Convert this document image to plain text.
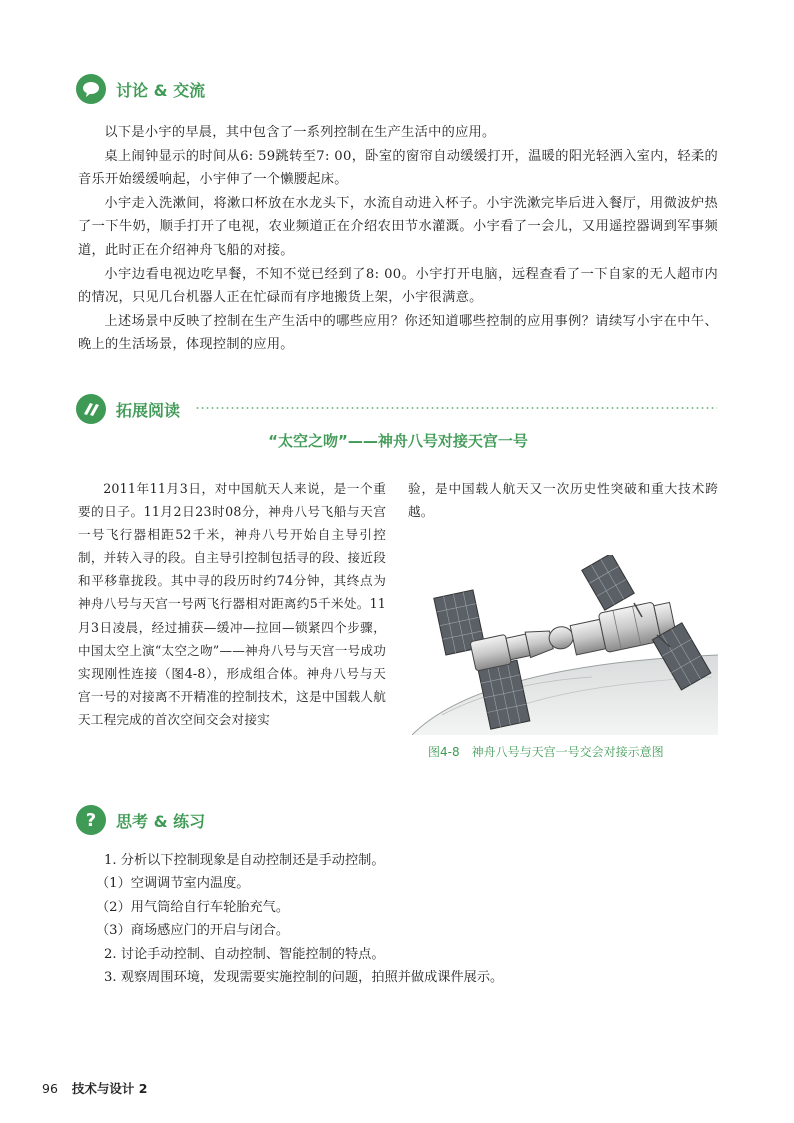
讨论 & 交流

以下是小宇的早晨，其中包含了一系列控制在生产生活中的应用。

桌上闹钟显示的时间从6: 59跳转至7: 00，卧室的窗帘自动缓缓打开，温暖的阳光轻洒入室内，轻柔的音乐开始缓缓响起，小宇伸了一个懒腰起床。

小宇走入洗漱间，将漱口杯放在水龙头下，水流自动进入杯子。小宇洗漱完毕后进入餐厅，用微波炉热了一下牛奶，顺手打开了电视，农业频道正在介绍农田节水灌溉。小宇看了一会儿，又用遥控器调到军事频道，此时正在介绍神舟飞船的对接。

小宇边看电视边吃早餐，不知不觉已经到了8: 00。小宇打开电脑，远程查看了一下自家的无人超市内的情况，只见几台机器人正在忙碌而有序地搬货上架，小宇很满意。

上述场景中反映了控制在生产生活中的哪些应用？你还知道哪些控制的应用事例？请续写小宇在中午、晚上的生活场景，体现控制的应用。

拓展阅读
“太空之吻”——神舟八号对接天宫一号

2011年11月3日，对中国航天人来说，是一个重要的日子。11月2日23时08分，神舟八号飞船与天宫一号飞行器相距52千米，神舟八号开始自主导引控制，并转入寻的段。自主导引控制包括寻的段、接近段和平移靠拢段。其中寻的段历时约74分钟，其终点为神舟八号与天宫一号两飞行器相对距离约5千米处。11月3日凌晨，经过捕获—缓冲—拉回—锁紧四个步骤，中国太空上演“太空之吻”——神舟八号与天宫一号成功实现刚性连接（图4-8），形成组合体。神舟八号与天宫一号的对接离不开精准的控制技术，这是中国载人航天工程完成的首次空间交会对接实

验，是中国载人航天又一次历史性突破和重大技术跨越。

图4-8　神舟八号与天宫一号交会对接示意图
? 思考 & 练习

1. 分析以下控制现象是自动控制还是手动控制。

（1）空调调节室内温度。

（2）用气筒给自行车轮胎充气。

（3）商场感应门的开启与闭合。

2. 讨论手动控制、自动控制、智能控制的特点。

3. 观察周围环境，发现需要实施控制的问题，拍照并做成课件展示。

96 技术与设计 2
